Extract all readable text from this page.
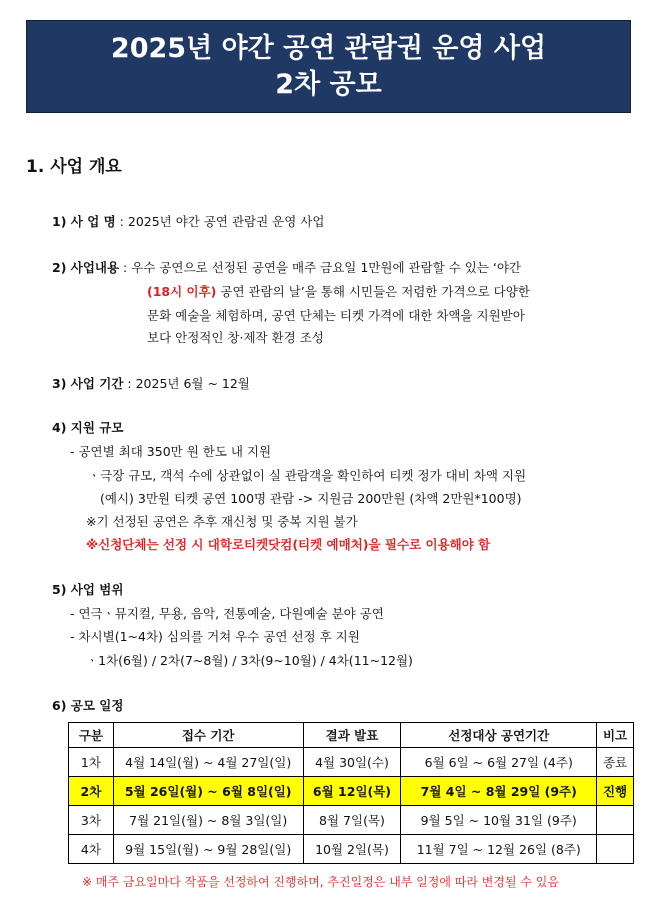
2025년 야간 공연 관람권 운영 사업
2차 공모
1. 사업 개요
1) 사 업 명 : 2025년 야간 공연 관람권 운영 사업
2) 사업내용 : 우수 공연으로 선정된 공연을 매주 금요일 1만원에 관람할 수 있는 ‘야간
(18시 이후) 공연 관람의 날’을 통해 시민들은 저렴한 가격으로 다양한
문화 예술을 체험하며, 공연 단체는 티켓 가격에 대한 차액을 지원받아
보다 안정적인 창·제작 환경 조성
3) 사업 기간 : 2025년 6월 ~ 12월
4) 지원 규모
- 공연별 최대 350만 원 한도 내 지원
ㆍ극장 규모, 객석 수에 상관없이 실 관람객을 확인하여 티켓 정가 대비 차액 지원
(예시) 3만원 티켓 공연 100명 관람 -> 지원금 200만원 (차액 2만원*100명)
※기 선정된 공연은 추후 재신청 및 중복 지원 불가
※신청단체는 선정 시 대학로티켓닷컴(티켓 예매처)을 필수로 이용해야 함
5) 사업 범위
- 연극ㆍ뮤지컬, 무용, 음악, 전통예술, 다원예술 분야 공연
- 차시별(1~4차) 심의를 거쳐 우수 공연 선정 후 지원
ㆍ1차(6월) / 2차(7~8월) / 3차(9~10월) / 4차(11~12월)
6) 공모 일정
구분	접수 기간	결과 발표	선정대상 공연기간	비고
1차	4월 14일(월) ~ 4월 27일(일)	4월 30일(수)	6월 6일 ~ 6월 27일 (4주)	종료
2차	5월 26일(월) ~ 6월 8일(일)	6월 12일(목)	7월 4일 ~ 8월 29일 (9주)	진행
3차	7월 21일(월) ~ 8월 3일(일)	8월 7일(목)	9월 5일 ~ 10월 31일 (9주)	
4차	9월 15일(월) ~ 9월 28일(일)	10월 2일(목)	11월 7일 ~ 12월 26일 (8주)	
※ 매주 금요일마다 작품을 선정하여 진행하며, 추진일정은 내부 일정에 따라 변경될 수 있음
